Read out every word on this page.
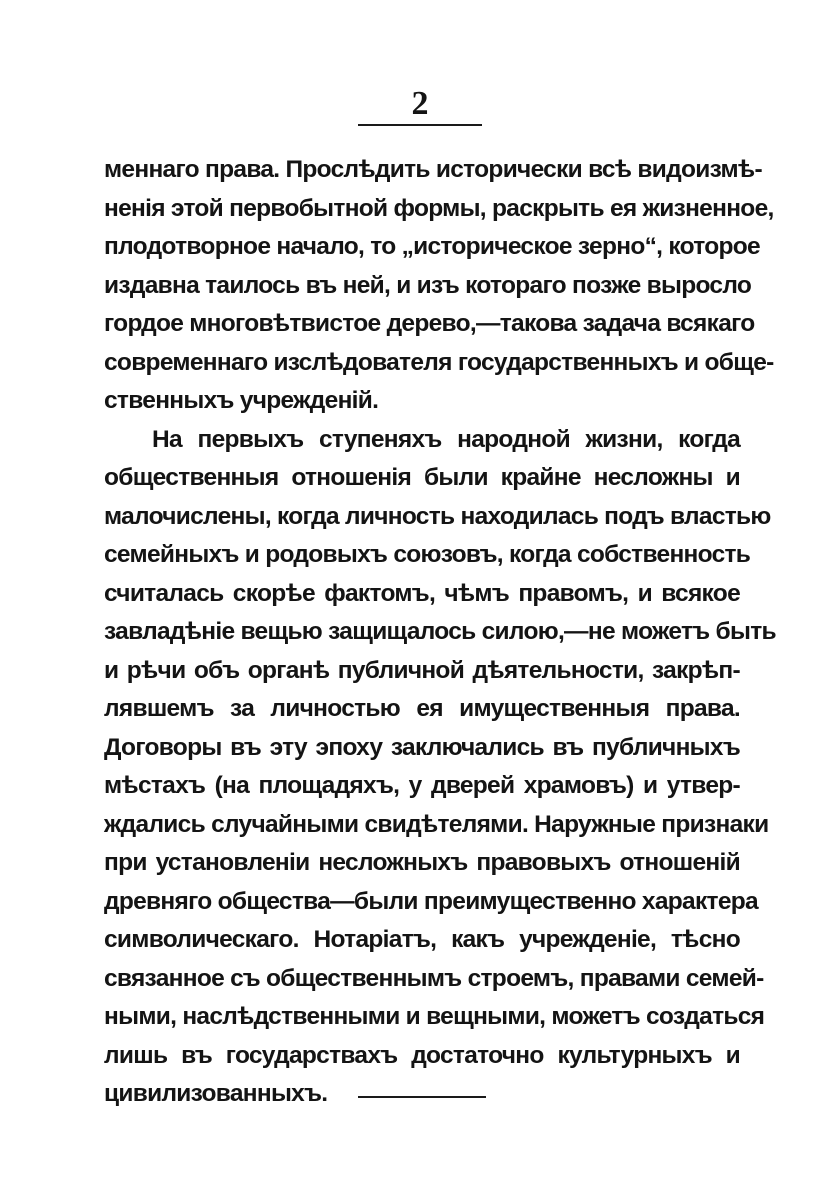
2
меннаго права. Прослѣдить исторически всѣ видоизмѣ-
ненія этой первобытной формы, раскрыть ея жизненное,
плодотворное начало, то „историческое зерно“, которое
издавна таилось въ ней, и изъ котораго позже выросло
гордое многовѣтвистое дерево,—такова задача всякаго
современнаго изслѣдователя государственныхъ и обще-
ственныхъ учрежденій.
На первыхъ ступеняхъ народной жизни, когда
общественныя отношенія были крайне несложны и
малочислены, когда личность находилась подъ властью
семейныхъ и родовыхъ союзовъ, когда собственность
считалась скорѣе фактомъ, чѣмъ правомъ, и всякое
завладѣніе вещью защищалось силою,—не можетъ быть
и рѣчи объ органѣ публичной дѣятельности, закрѣп-
лявшемъ за личностью ея имущественныя права.
Договоры въ эту эпоху заключались въ публичныхъ
мѣстахъ (на площадяхъ, у дверей храмовъ) и утвер-
ждались случайными свидѣтелями. Наружные признаки
при установленіи несложныхъ правовыхъ отношеній
древняго общества—были преимущественно характера
символическаго. Нотаріатъ, какъ учрежденіе, тѣсно
связанное съ общественнымъ строемъ, правами семей-
ными, наслѣдственными и вещными, можетъ создаться
лишь въ государствахъ достаточно культурныхъ и
цивилизованныхъ.
